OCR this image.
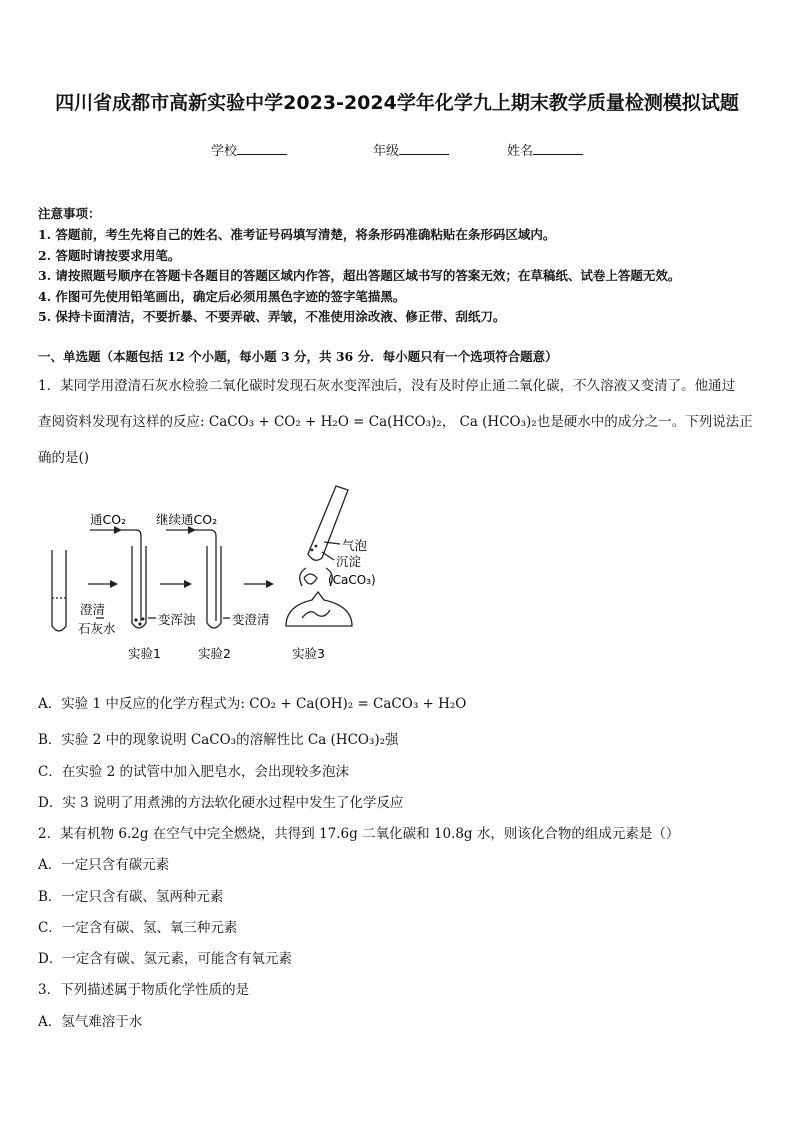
四川省成都市高新实验中学2023-2024学年化学九上期末教学质量检测模拟试题
学校	年级	姓名
注意事项：
1. 答题前，考生先将自己的姓名、准考证号码填写清楚，将条形码准确粘贴在条形码区域内。
2. 答题时请按要求用笔。
3. 请按照题号顺序在答题卡各题目的答题区域内作答，超出答题区域书写的答案无效；在草稿纸、试卷上答题无效。
4. 作图可先使用铅笔画出，确定后必须用黑色字迹的签字笔描黑。
5. 保持卡面清洁，不要折暴、不要弄破、弄皱，不准使用涂改液、修正带、刮纸刀。
一、单选题（本题包括 12 个小题，每小题 3 分，共 36 分．每小题只有一个选项符合题意）
1．某同学用澄清石灰水检验二氧化碳时发现石灰水变浑浊后，没有及时停止通二氧化碳，不久溶液又变清了。他通过
查阅资料发现有这样的反应: CaCO₃ + CO₂ + H₂O = Ca(HCO₃)₂， Ca (HCO₃)₂也是硬水中的成分之一。下列说法正
确的是()
通CO₂ 继续通CO₂
气泡
沉淀
(CaCO₃)
澄清
石灰水
变浑浊	变澄清
实验1	实验2	实验3
A．实验 1 中反应的化学方程式为: CO₂ + Ca(OH)₂ = CaCO₃ + H₂O
B．实验 2 中的现象说明 CaCO₃的溶解性比 Ca (HCO₃)₂强
C．在实验 2 的试管中加入肥皂水，会出现较多泡沫
D．实 3 说明了用煮沸的方法软化硬水过程中发生了化学反应
2．某有机物 6.2g 在空气中完全燃烧，共得到 17.6g 二氧化碳和 10.8g 水，则该化合物的组成元素是（）
A．一定只含有碳元素
B．一定只含有碳、氢两种元素
C．一定含有碳、氢、氧三种元素
D．一定含有碳、氢元素，可能含有氧元素
3．下列描述属于物质化学性质的是
A．氢气难溶于水
